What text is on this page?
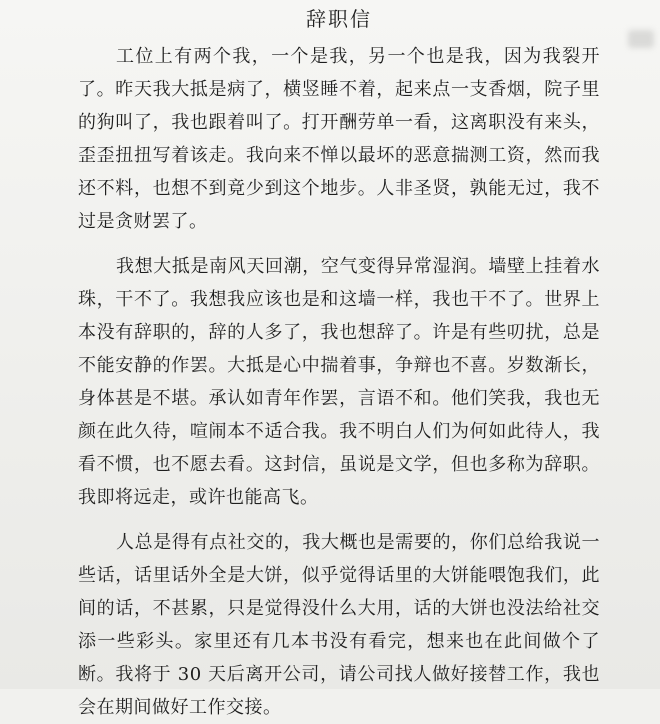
辞职信

工位上有两个我，一个是我，另一个也是我，因为我裂开了。昨天我大抵是病了，横竖睡不着，起来点一支香烟，院子里的狗叫了，我也跟着叫了。打开酬劳单一看，这离职没有来头，歪歪扭扭写着该走。我向来不惮以最坏的恶意揣测工资，然而我还不料，也想不到竟少到这个地步。人非圣贤，孰能无过，我不过是贪财罢了。

我想大抵是南风天回潮，空气变得异常湿润。墙壁上挂着水珠，干不了。我想我应该也是和这墙一样，我也干不了。世界上本没有辞职的，辞的人多了，我也想辞了。许是有些叨扰，总是不能安静的作罢。大抵是心中揣着事，争辩也不喜。岁数渐长，身体甚是不堪。承认如青年作罢，言语不和。他们笑我，我也无颜在此久待，喧闹本不适合我。我不明白人们为何如此待人，我看不惯，也不愿去看。这封信，虽说是文学，但也多称为辞职。我即将远走，或许也能高飞。

人总是得有点社交的，我大概也是需要的，你们总给我说一些话，话里话外全是大饼，似乎觉得话里的大饼能喂饱我们，此间的话，不甚累，只是觉得没什么大用，话的大饼也没法给社交添一些彩头。家里还有几本书没有看完，想来也在此间做个了断。我将于 30 天后离开公司，请公司找人做好接替工作，我也会在期间做好工作交接。
